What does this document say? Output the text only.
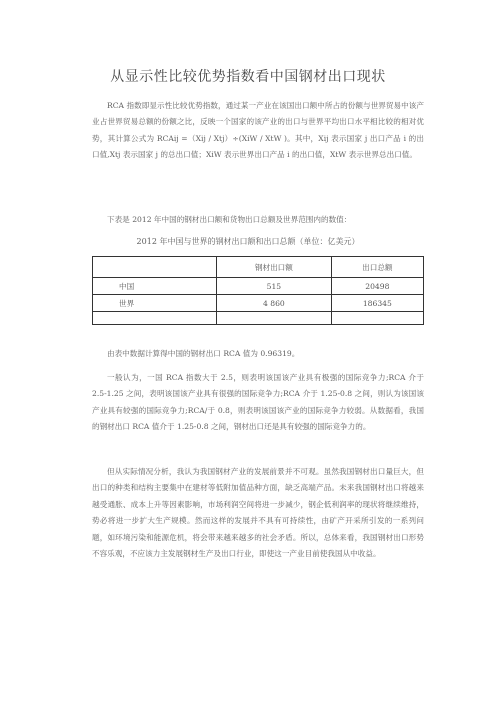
从显示性比较优势指数看中国钢材出口现状

RCA 指数即显示性比较优势指数，通过某一产业在该国出口额中所占的份额与世界贸易中该产业占世界贸易总额的份额之比，反映一个国家的该产业的出口与世界平均出口水平相比较的相对优势，其计算公式为 RCAij =（Xij / Xtj）÷(XiW / XtW )。其中，Xij 表示国家 j 出口产品 i 的出口值,Xtj 表示国家 j 的总出口值；XiW 表示世界出口产品 i 的出口值，XtW 表示世界总出口值。

下表是 2012 年中国的钢材出口额和货物出口总额及世界范围内的数值：

2012 年中国与世界的钢材出口额和出口总额（单位：亿美元）
	钢材出口额	出口总额
中国	515	20498
世界	4 860	186345

由表中数据计算得中国的钢材出口 RCA 值为 0.96319。

一般认为，一国 RCA 指数大于 2.5，则表明该国该产业具有极强的国际竞争力;RCA 介于 2.5-1.25 之间，表明该国该产业具有很强的国际竞争力;RCA 介于 1.25-0.8 之间，则认为该国该产业具有较强的国际竞争力;RCA/于 0.8，则表明该国该产业的国际竞争力较弱。从数据看，我国的钢材出口 RCA 值介于 1.25-0.8 之间，钢材出口还是具有较强的国际竞争力的。

但从实际情况分析，我认为我国钢材产业的发展前景并不可观。虽然我国钢材出口量巨大，但出口的种类和结构主要集中在建材等低附加值品种方面，缺乏高端产品。未来我国钢材出口将越来越受通胀、成本上升等因素影响，市场利润空间将进一步减少，钢企低利润率的现状将继续维持，势必将进一步扩大生产规模。然而这样的发展并不具有可持续性，由矿产开采所引发的一系列问题，如环境污染和能源危机，将会带来越来越多的社会矛盾。所以，总体来看，我国钢材出口形势不容乐观，不应该力主发展钢材生产及出口行业，即使这一产业目前使我国从中收益。
